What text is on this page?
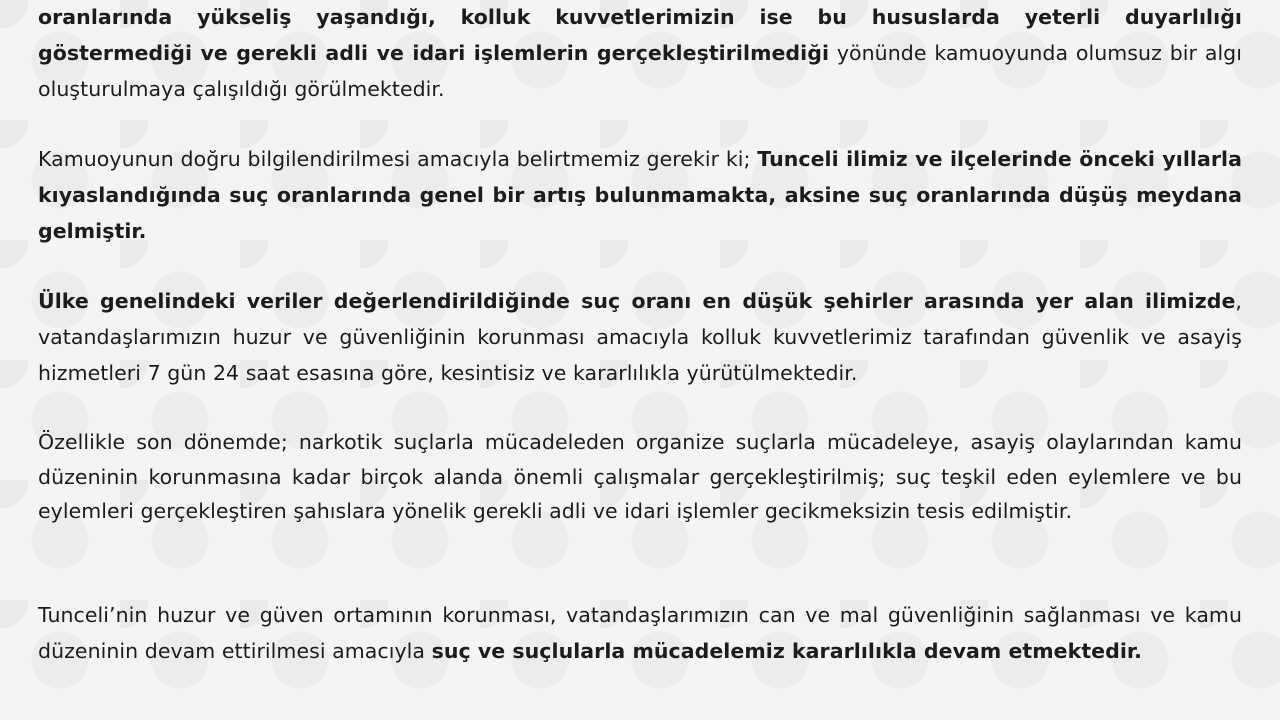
oranlarında yükseliş yaşandığı, kolluk kuvvetlerimizin ise bu hususlarda yeterli duyarlılığı göstermediği ve gerekli adli ve idari işlemlerin gerçekleştirilmediği yönünde kamuoyunda olumsuz bir algı oluşturulmaya çalışıldığı görülmektedir.

Kamuoyunun doğru bilgilendirilmesi amacıyla belirtmemiz gerekir ki; Tunceli ilimiz ve ilçelerinde önceki yıllarla kıyaslandığında suç oranlarında genel bir artış bulunmamakta, aksine suç oranlarında düşüş meydana gelmiştir.

Ülke genelindeki veriler değerlendirildiğinde suç oranı en düşük şehirler arasında yer alan ilimizde, vatandaşlarımızın huzur ve güvenliğinin korunması amacıyla kolluk kuvvetlerimiz tarafından güvenlik ve asayiş hizmetleri 7 gün 24 saat esasına göre, kesintisiz ve kararlılıkla yürütülmektedir.

Özellikle son dönemde; narkotik suçlarla mücadeleden organize suçlarla mücadeleye, asayiş olaylarından kamu düzeninin korunmasına kadar birçok alanda önemli çalışmalar gerçekleştirilmiş; suç teşkil eden eylemlere ve bu eylemleri gerçekleştiren şahıslara yönelik gerekli adli ve idari işlemler gecikmeksizin tesis edilmiştir.

Tunceli’nin huzur ve güven ortamının korunması, vatandaşlarımızın can ve mal güvenliğinin sağlanması ve kamu düzeninin devam ettirilmesi amacıyla suç ve suçlularla mücadelemiz kararlılıkla devam etmektedir.
